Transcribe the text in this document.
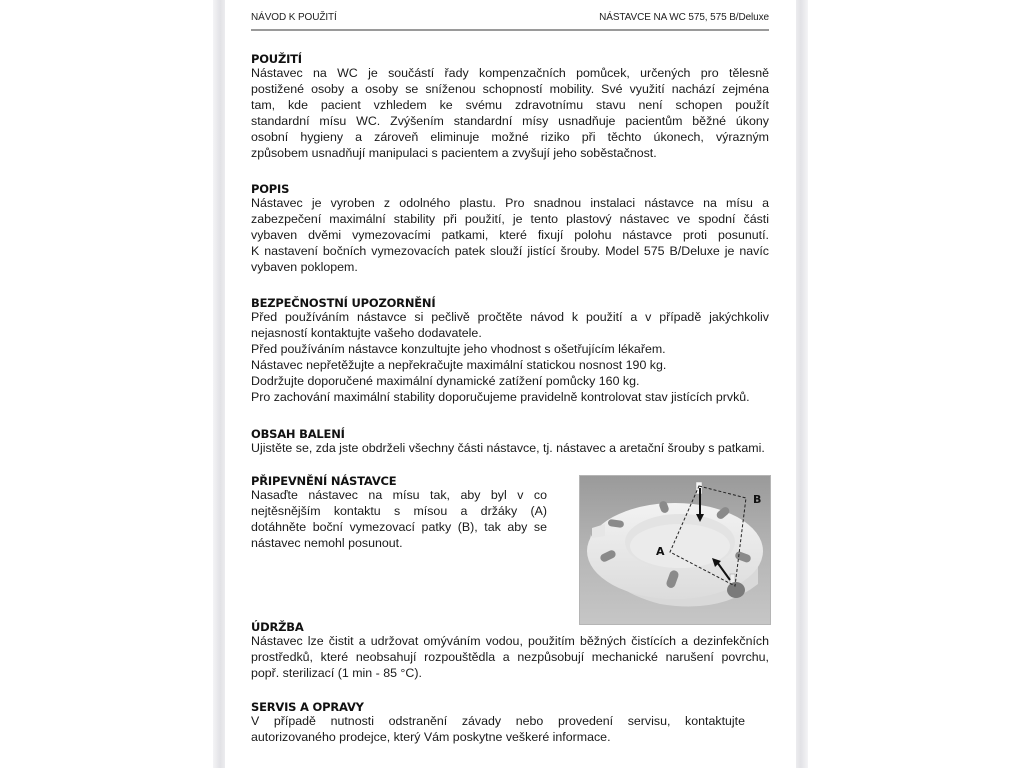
NÁVOD K POUŽITÍ	NÁSTAVCE NA WC 575, 575 B/Deluxe
POUŽITÍ

Nástavec na WC je součástí řady kompenzačních pomůcek, určených pro tělesně
postižené osoby a osoby se sníženou schopností mobility. Své využití nachází zejména
tam, kde pacient vzhledem ke svému zdravotnímu stavu není schopen použít
standardní mísu WC. Zvýšením standardní mísy usnadňuje pacientům běžné úkony
osobní hygieny a zároveň eliminuje možné riziko při těchto úkonech, výrazným
způsobem usnadňují manipulaci s pacientem a zvyšují jeho soběstačnost.

POPIS

Nástavec je vyroben z odolného plastu. Pro snadnou instalaci nástavce na mísu a
zabezpečení maximální stability při použití, je tento plastový nástavec ve spodní části
vybaven dvěmi vymezovacími patkami, které fixují polohu nástavce proti posunutí.
K nastavení bočních vymezovacích patek slouží jistící šrouby. Model 575 B/Deluxe je navíc
vybaven poklopem.

BEZPEČNOSTNÍ UPOZORNĚNÍ

Před používáním nástavce si pečlivě pročtěte návod k použití a v případě jakýchkoliv
nejasností kontaktujte vašeho dodavatele.
Před používáním nástavce konzultujte jeho vhodnost s ošetřujícím lékařem.
Nástavec nepřetěžujte a nepřekračujte maximální statickou nosnost 190 kg.
Dodržujte doporučené maximální dynamické zatížení pomůcky 160 kg.
Pro zachování maximální stability doporučujeme pravidelně kontrolovat stav jistících prvků.

OBSAH BALENÍ

Ujistěte se, zda jste obdrželi všechny části nástavce, tj. nástavec a aretační šrouby s patkami.

PŘIPEVNĚNÍ NÁSTAVCE

Nasaďte nástavec na mísu tak, aby byl v co
nejtěsnějším kontaktu s mísou a držáky (A)
dotáhněte boční vymezovací patky (B), tak aby se
nástavec nemohl posunout.

A
B
ÚDRŽBA

Nástavec lze čistit a udržovat omýváním vodou, použitím běžných čistících a dezinfekčních
prostředků, které neobsahují rozpouštědla a nezpůsobují mechanické narušení povrchu,
popř. sterilizací (1 min - 85 °C).

SERVIS A OPRAVY

V případě nutnosti odstranění závady nebo provedení servisu, kontaktujte
autorizovaného prodejce, který Vám poskytne veškeré informace.
